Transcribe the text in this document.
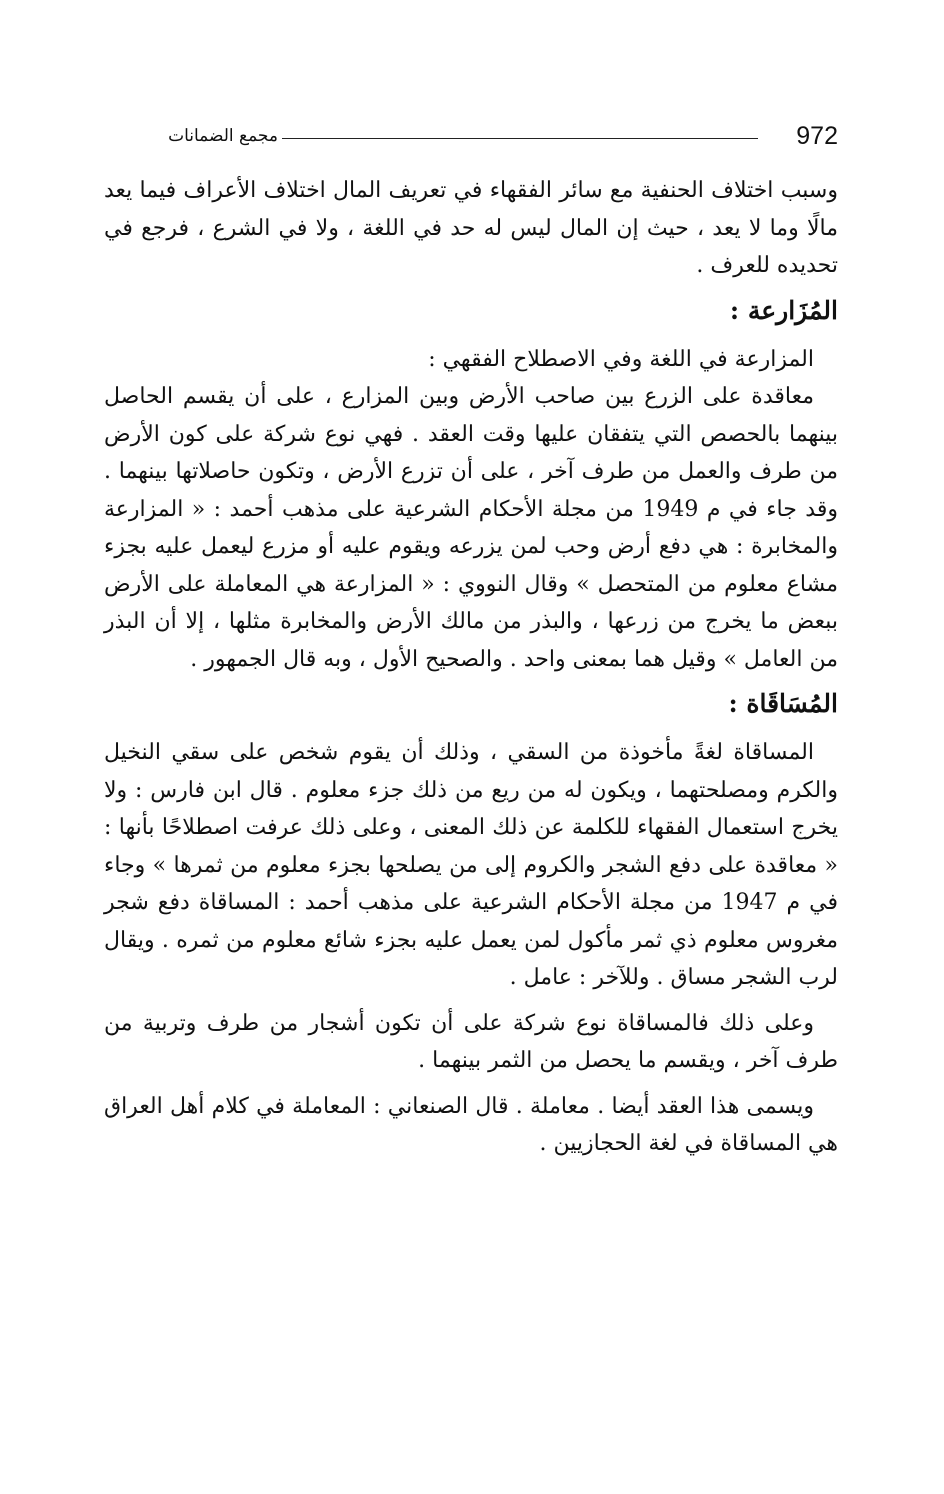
972
مجمع الضمانات

وسبب اختلاف الحنفية مع سائر الفقهاء في تعريف المال اختلاف الأعراف فيما يعد مالًا وما لا يعد ، حيث إن المال ليس له حد في اللغة ، ولا في الشرع ، فرجع في تحديده للعرف .

المُزَارعة :

المزارعة في اللغة وفي الاصطلاح الفقهي :

معاقدة على الزرع بين صاحب الأرض وبين المزارع ، على أن يقسم الحاصل بينهما بالحصص التي يتفقان عليها وقت العقد . فهي نوع شركة على كون الأرض من طرف والعمل من طرف آخر ، على أن تزرع الأرض ، وتكون حاصلاتها بينهما . وقد جاء في م 1949 من مجلة الأحكام الشرعية على مذهب أحمد : « المزارعة والمخابرة : هي دفع أرض وحب لمن يزرعه ويقوم عليه أو مزرع ليعمل عليه بجزء مشاع معلوم من المتحصل » وقال النووي : « المزارعة هي المعاملة على الأرض ببعض ما يخرج من زرعها ، والبذر من مالك الأرض والمخابرة مثلها ، إلا أن البذر من العامل » وقيل هما بمعنى واحد . والصحيح الأول ، وبه قال الجمهور .

المُسَاقَاة :

المساقاة لغةً مأخوذة من السقي ، وذلك أن يقوم شخص على سقي النخيل والكرم ومصلحتهما ، ويكون له من ريع من ذلك جزء معلوم . قال ابن فارس : ولا يخرج استعمال الفقهاء للكلمة عن ذلك المعنى ، وعلى ذلك عرفت اصطلاحًا بأنها : « معاقدة على دفع الشجر والكروم إلى من يصلحها بجزء معلوم من ثمرها » وجاء في م 1947 من مجلة الأحكام الشرعية على مذهب أحمد : المساقاة دفع شجر مغروس معلوم ذي ثمر مأكول لمن يعمل عليه بجزء شائع معلوم من ثمره . ويقال لرب الشجر مساق . وللآخر : عامل .

وعلى ذلك فالمساقاة نوع شركة على أن تكون أشجار من طرف وتربية من طرف آخر ، ويقسم ما يحصل من الثمر بينهما .

ويسمى هذا العقد أيضا . معاملة . قال الصنعاني : المعاملة في كلام أهل العراق هي المساقاة في لغة الحجازيين .
